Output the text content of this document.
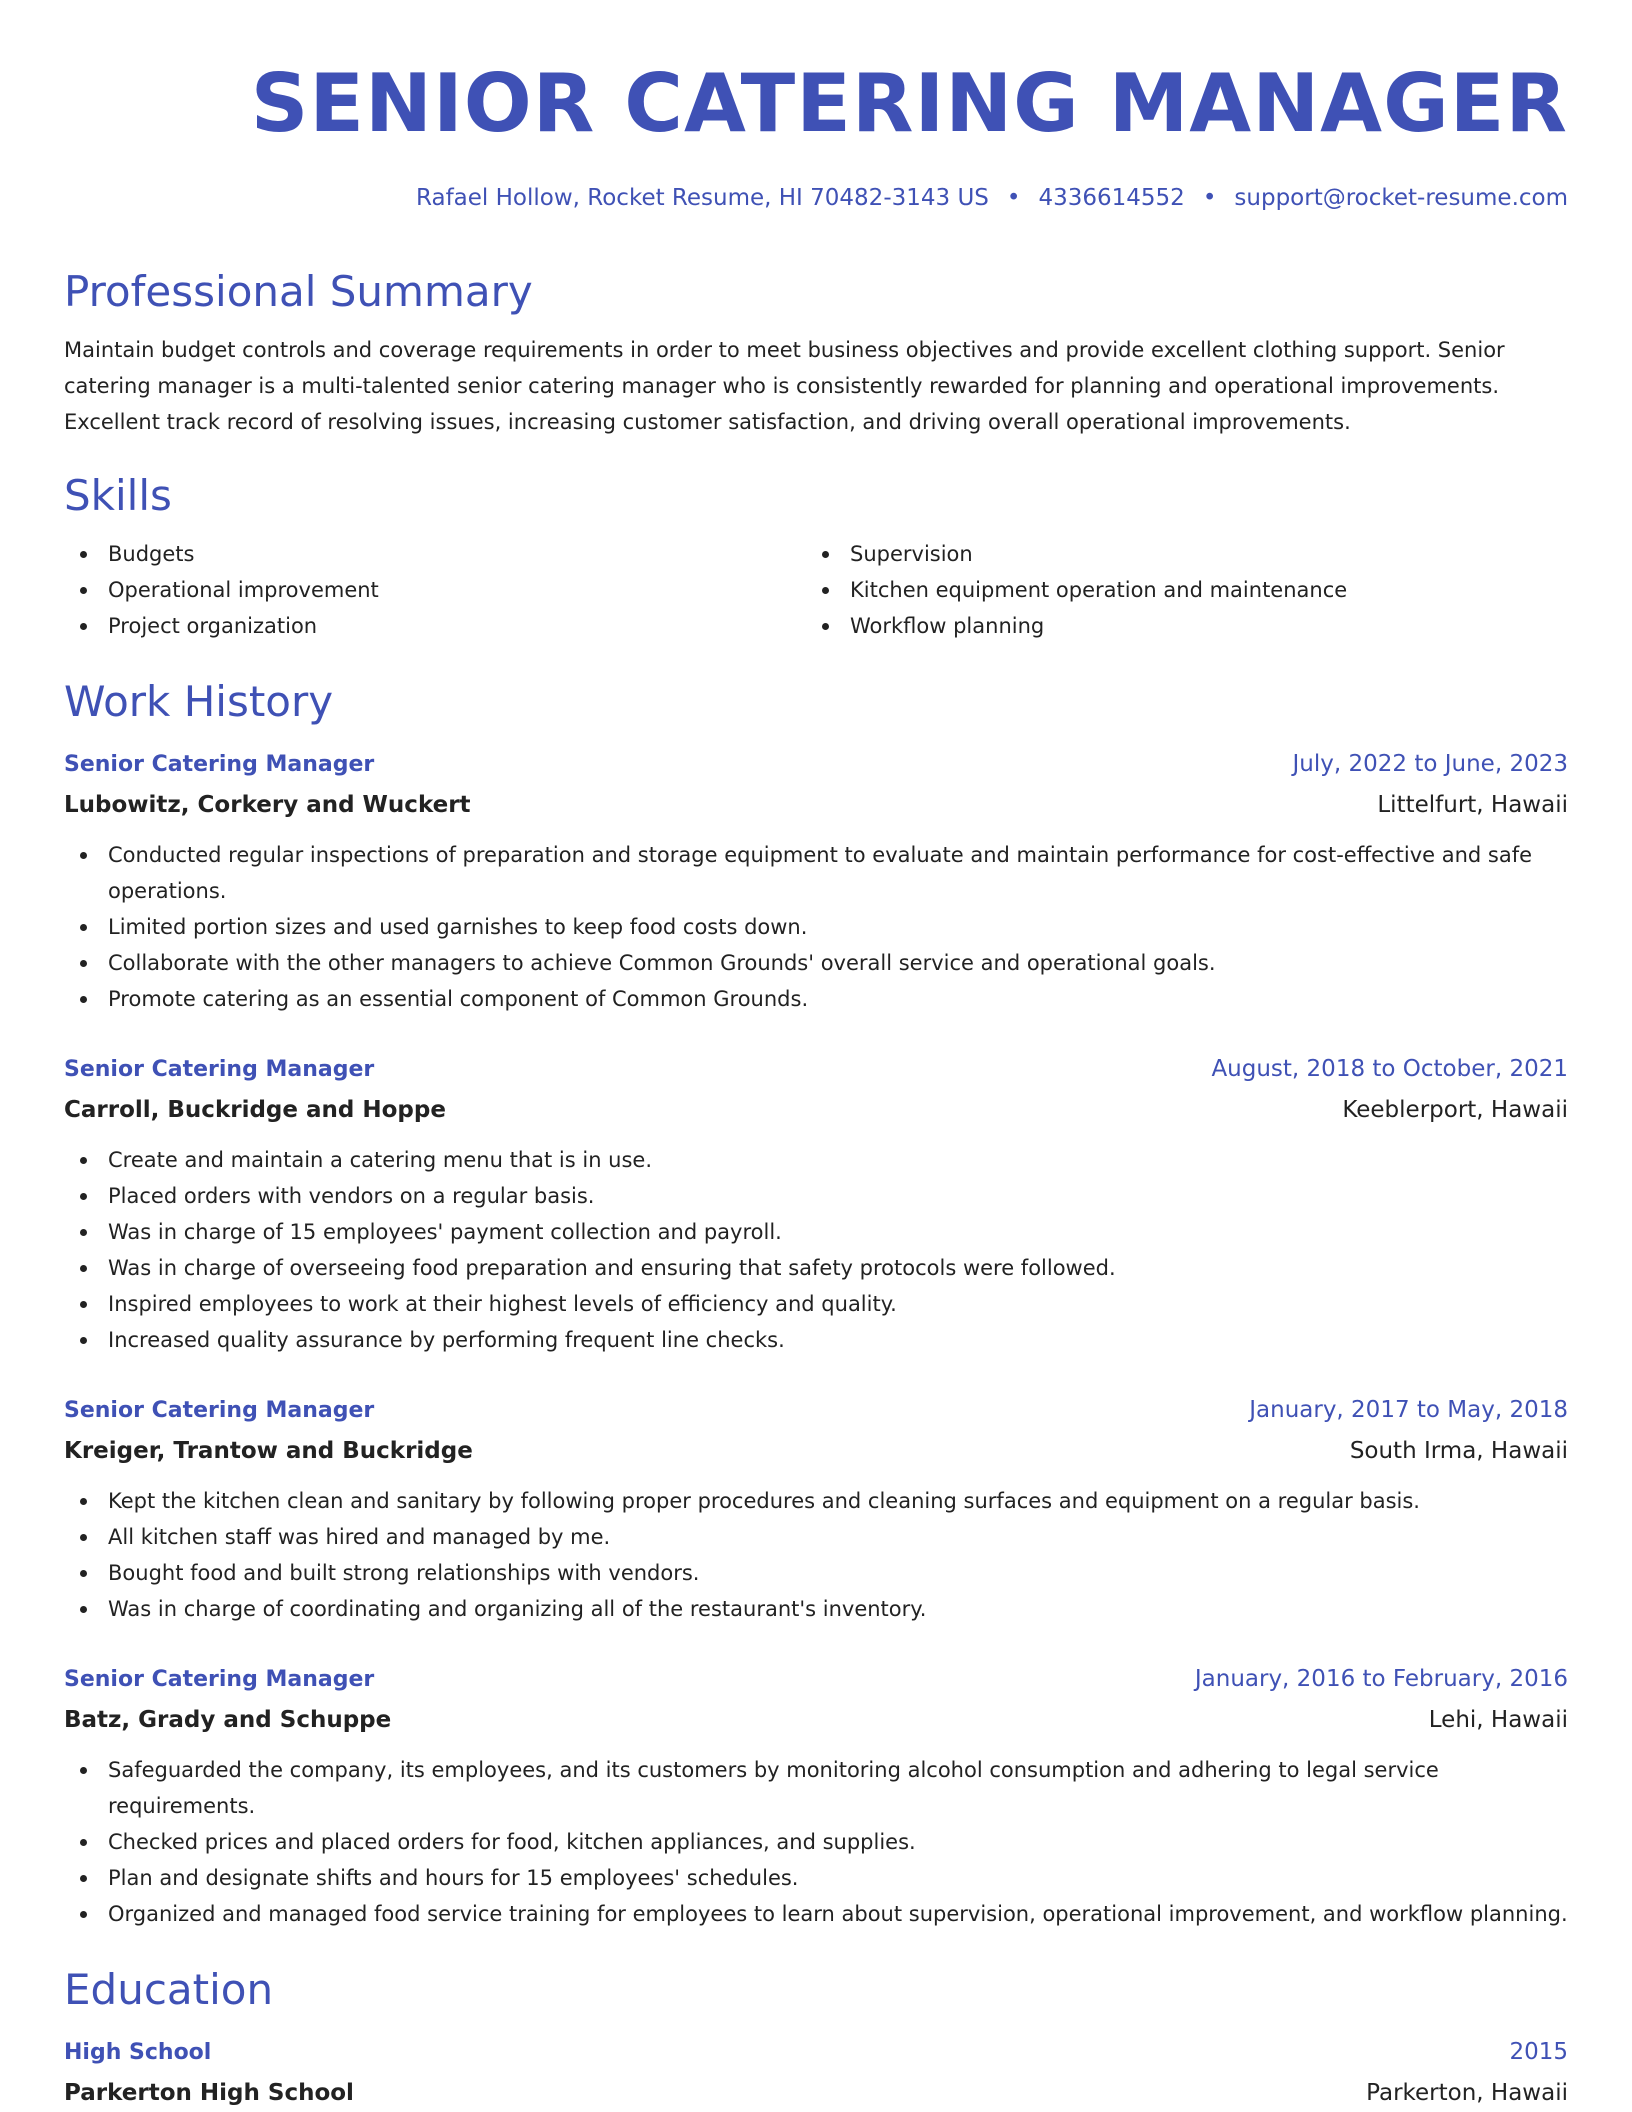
SENIOR CATERING MANAGER
Rafael Hollow, Rocket Resume, HI 70482-3143 US • 4336614552 • support@rocket-resume.com
Professional Summary

Maintain budget controls and coverage requirements in order to meet business objectives and provide excellent clothing support. Senior catering manager is a multi-talented senior catering manager who is consistently rewarded for planning and operational improvements. Excellent track record of resolving issues, increasing customer satisfaction, and driving overall operational improvements.

Skills
Budgets
Operational improvement
Project organization
Supervision
Kitchen equipment operation and maintenance
Workflow planning
Work History
Senior Catering Manager	July, 2022 to June, 2023
Lubowitz, Corkery and Wuckert	Littelfurt, Hawaii
Conducted regular inspections of preparation and storage equipment to evaluate and maintain performance for cost-effective and safe operations.
Limited portion sizes and used garnishes to keep food costs down.
Collaborate with the other managers to achieve Common Grounds' overall service and operational goals.
Promote catering as an essential component of Common Grounds.
Senior Catering Manager	August, 2018 to October, 2021
Carroll, Buckridge and Hoppe	Keeblerport, Hawaii
Create and maintain a catering menu that is in use.
Placed orders with vendors on a regular basis.
Was in charge of 15 employees' payment collection and payroll.
Was in charge of overseeing food preparation and ensuring that safety protocols were followed.
Inspired employees to work at their highest levels of efficiency and quality.
Increased quality assurance by performing frequent line checks.
Senior Catering Manager	January, 2017 to May, 2018
Kreiger, Trantow and Buckridge	South Irma, Hawaii
Kept the kitchen clean and sanitary by following proper procedures and cleaning surfaces and equipment on a regular basis.
All kitchen staff was hired and managed by me.
Bought food and built strong relationships with vendors.
Was in charge of coordinating and organizing all of the restaurant's inventory.
Senior Catering Manager	January, 2016 to February, 2016
Batz, Grady and Schuppe	Lehi, Hawaii
Safeguarded the company, its employees, and its customers by monitoring alcohol consumption and adhering to legal service requirements.
Checked prices and placed orders for food, kitchen appliances, and supplies.
Plan and designate shifts and hours for 15 employees' schedules.
Organized and managed food service training for employees to learn about supervision, operational improvement, and workflow planning.
Education
High School	2015
Parkerton High School	Parkerton, Hawaii
